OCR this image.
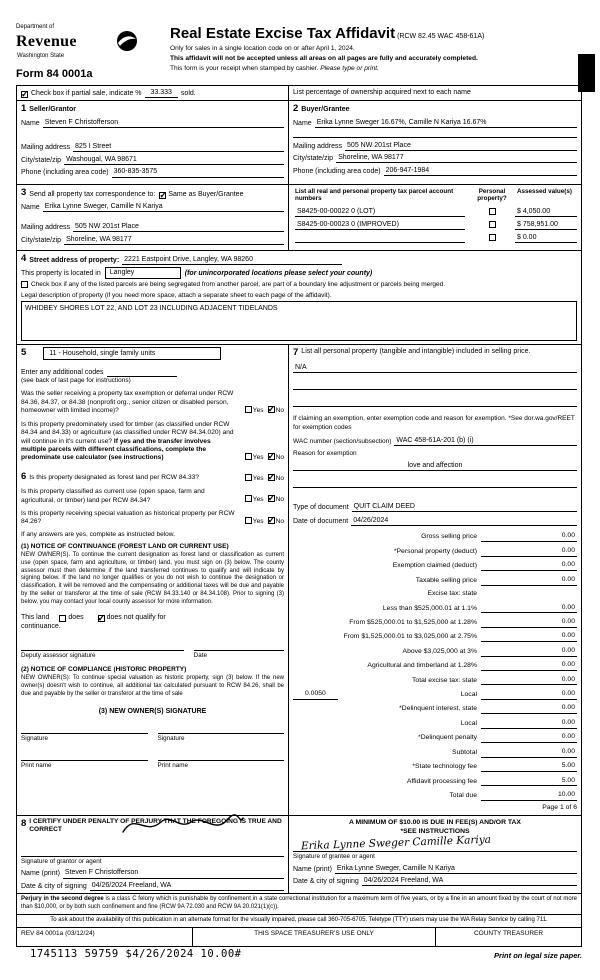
Department of
Revenue
Washington State
Form 84 0001a
Real Estate Excise Tax Affidavit (RCW 82.45 WAC 458-61A)
Only for sales in a single location code on or after April 1, 2024.
This affidavit will not be accepted unless all areas on all pages are fully and accurately completed.
This form is your receipt when stamped by cashier. Please type or print.
✓
Check box if partial sale, indicate %	33.333	sold.	List percentage of ownership acquired next to each name
1 Seller/Grantor
Name Steven F Christofferson
Mailing address 825 I Street
City/state/zip Washougal, WA 98671
Phone (including area code) 360-835-3575
2 Buyer/Grantee
Name Erika Lynne Sweger 16.67%, Camille N Kariya 16.67%
Mailing address 505 NW 201st Place
City/state/zip Shoreline, WA 98177
Phone (including area code) 206-947-1984
3 Send all property tax correspondence to: ✓ Same as Buyer/Grantee
Name Erika Lynne Sweger, Camille N Kariya
Mailing address 505 NW 201st Place
City/state/zip Shoreline, WA 98177
List all real and personal property tax parcel account numbers
Personal property?
Assessed value(s)
S8425-00-00022 0 (LOT)	$ 4,050.00
S8425-00-00023 0 (IMPROVED)	$ 758,951.00
$ 0.00
4 Street address of property: 2221 Eastpoint Drive, Langley, WA 98260
This property is located in	Langley	(for unincorporated locations please select your county)
Check box if any of the listed parcels are being segregated from another parcel, are part of a boundary line adjustment or parcels being merged.
Legal description of property (if you need more space, attach a separate sheet to each page of the affidavit).
WHIDBEY SHORES LOT 22, AND LOT 23 INCLUDING ADJACENT TIDELANDS
5	11 - Household, single family units
Enter any additional codes
(see back of last page for instructions)
Was the seller receiving a property tax exemption or deferral under RCW 84.36, 84.37, or 84.38 (nonprofit org., senior citizen or disabled person, homeowner with limited income)?	Yes ✓ No
Is this property predominately used for timber (as classified under RCW 84.34 and 84.33) or agriculture (as classified under RCW 84.34.020) and will continue in it's current use? If yes and the transfer involves multiple parcels with different classifications, complete the predominate use calculator (see instructions)	Yes ✓ No
6 Is this property designated as forest land per RCW 84.33?	Yes ✓ No
Is this property classified as current use (open space, farm and agricultural, or timber) land per RCW 84.34?	Yes ✓ No
Is this property receiving special valuation as historical property per RCW 84.26?	Yes ✓ No
If any answers are yes, complete as instructed below.
(1) NOTICE OF CONTINUANCE (FOREST LAND OR CURRENT USE)
NEW OWNER(S). To continue the current designation as forest land or classification as current use (open space, farm and agriculture, or timber) land, you must sign on (3) below. The county assessor must then determine if the land transferred continues to qualify and will indicate by signing below. If the land no longer qualifies or you do not wish to continue the designation or classification, it will be removed and the compensating or additional taxes will be due and payable by the seller or transferor at the time of sale (RCW 84.33.140 or 84.34.108). Prior to signing (3) below, you may contact your local county assessor for more information.
This land	does ✓	does not qualify for
continuance.
Deputy assessor signature	Date
(2) NOTICE OF COMPLIANCE (HISTORIC PROPERTY)
NEW OWNER(S): To continue special valuation as historic property, sign (3) below. If the new owner(s) doesn't wish to continue, all additional tax calculated pursuant to RCW 84.26, shall be due and payable by the seller or transferor at the time of sale
(3) NEW OWNER(S) SIGNATURE
Signature	Signature
Print name	Print name
7 List all personal property (tangible and intangible) included in selling price.
N/A
If claiming an exemption, enter exemption code and reason for exemption. *See dor.wa.gov/REET for exemption codes
WAC number (section/subsection) WAC 458-61A-201 (b) (i)
Reason for exemption
love and affection
Type of document QUIT CLAIM DEED
Date of document 04/26/2024
Gross selling price	0.00
*Personal property (deduct)	0.00
Exemption claimed (deduct)	0.00
Taxable selling price	0.00
Excise tax: state
Less than $525,000.01 at 1.1%	0.00
From $525,000.01 to $1,525,000 at 1.28%	0.00
From $1,525,000.01 to $3,025,000 at 2.75%	0.00
Above $3,025,000 at 3%	0.00
Agricultural and timberland at 1.28%	0.00
Total excise tax: state	0.00
0.0050	Local	0.00
*Delinquent interest, state	0.00
Local	0.00
*Delinquent penalty	0.00
Subtotal	0.00
*State technology fee	5.00
Affidavit processing fee	5.00
Total due	10.00
Page 1 of 6
8 I CERTIFY UNDER PENALTY OF PERJURY THAT THE FOREGOING IS TRUE AND CORRECT
Signature of grantor or agent
Name (print) Steven F Christofferson
Date & city of signing 04/26/2024 Freeland, WA
A MINIMUM OF $10.00 IS DUE IN FEE(S) AND/OR TAX
*SEE INSTRUCTIONS
Erika Lynne Sweger Camille Kariya
Signature of grantee or agent
Name (print) Erika Lynne Sweger, Camille N Kariya
Date & city of signing 04/26/2024 Freeland, WA
Perjury in the second degree is a class C felony which is punishable by confinement in a state correctional institution for a maximum term of five years, or by a fine in an amount fixed by the court of not more than $10,000, or by both such confinement and fine (RCW 9A 72.030 and RCW 9A 20.021(1)(c)).
To ask about the availability of this publication in an alternate format for the visually impaired, please call 360-705-6705. Teletype (TTY) users may use the WA Relay Service by calling 711.
REV 84 0001a (03/12/24)	THIS SPACE TREASURER'S USE ONLY	COUNTY TREASURER
Print on legal size paper.
1745113 59759 $4/26/2024 10.00#
